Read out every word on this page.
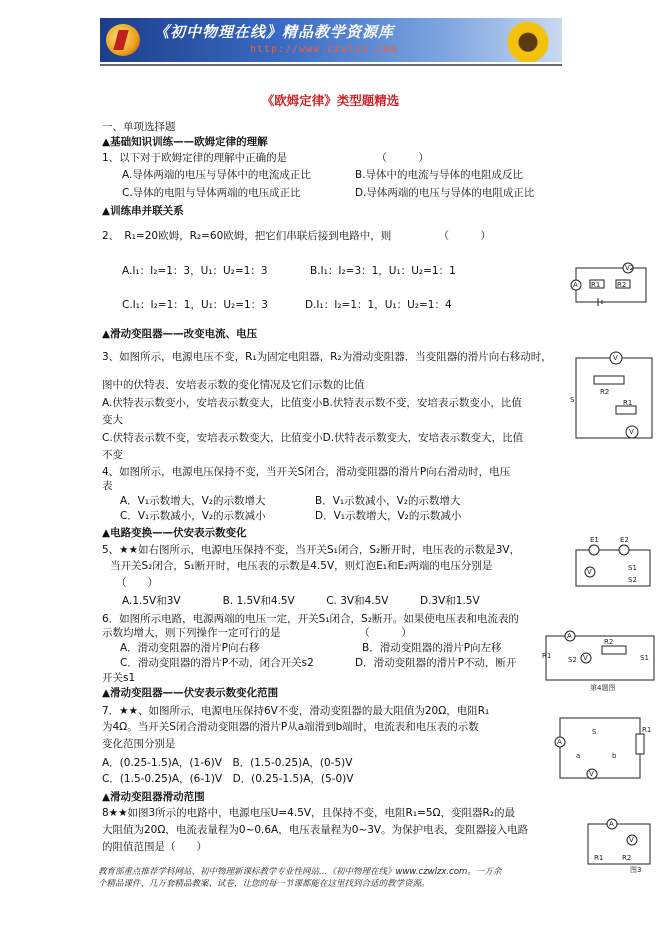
《初中物理在线》精品教学资源库
http://www.czwlzx.com
《欧姆定律》类型题精选
一、单项选择题
▲基础知识训练——欧姆定律的理解
1、以下对于欧姆定律的理解中正确的是　　　　　　　　　（　　　）
A.导体两端的电压与导体中的电流成正比	B.导体中的电流与导体的电阻成反比
C.导体的电阻与导体两端的电压成正比	D.导体两端的电压与导体的电阻成正比
▲训练串并联关系
2、　R₁=20欧姆，R₂=60欧姆，把它们串联后接到电路中，则　　　　　（　　　）
A.I₁：I₂=1：3，U₁：U₂=1：3	B.I₁：I₂=3：1，U₁：U₂=1：1
C.I₁：I₂=1：1，U₁：U₂=1：3	D.I₁：I₂=1：1，U₁：U₂=1：4
▲滑动变阻器——改变电流、电压
3、如图所示，电源电压不变，R₁为固定电阻器，R₂为滑动变阻器．当变阻器的滑片向右移动时，
图中的伏特表、安培表示数的变化情况及它们示数的比值
A.伏特表示数变小，安培表示数变大，比值变小B.伏特表示数不变，安培表示数变小，比值
变大
C.伏特表示数不变，安培表示数变大，比值变小D.伏特表示数变大，安培表示数变大，比值
不变
4、如图所示，电源电压保持不变，当开关S闭合，滑动变阻器的滑片P向右滑动时，电压
表
A．V₁示数增大，V₂的示数增大	B．V₁示数减小，V₂的示数增大
C．V₁示数减小，V₂的示数减小	D．V₁示数增大，V₂的示数减小
▲电路变换——伏安表示数变化
5、★★如右图所示，电源电压保持不变，当开关S₁闭合，S₂断开时，电压表的示数是3V，
当开关S₂闭合，S₁断开时，电压表的示数是4.5V，则灯泡E₁和E₂两端的电压分别是
（　　）
A.1.5V和3V　　　　B. 1.5V和4.5V　　　C. 3V和4.5V　　　D.3V和1.5V
6．如图所示电路，电源两端的电压一定，开关S₁闭合，S₂断开。如果使电压表和电流表的
示数均增大，则下列操作一定可行的是　　　　　　　　（　　　）
A．滑动变阻器的滑片P向右移	B．滑动变阻器的滑片P向左移
C．滑动变阻器的滑片P不动，闭合开关s2	D．滑动变阻器的滑片P不动，断开
开关s1
▲滑动变阻器——伏安表示数变化范围
7．★★、如图所示，电源电压保持6V不变，滑动变阻器的最大阻值为20Ω，电阻R₁
为4Ω。当开关S闭合滑动变阻器的滑片P从a端滑到b端时，电流表和电压表的示数
变化范围分别是
A．(0.25-1.5)A，(1-6)V　B．(1.5-0.25)A，(0-5)V
C．(1.5-0.25)A，(6-1)V　D．(0.25-1.5)A，(5-0)V
▲滑动变阻器滑动范围
8★★如图3所示的电路中，电源电压U=4.5V，且保持不变，电阻R₁=5Ω，变阻器R₂的最
大阻值为20Ω，电流表量程为0~0.6A，电压表量程为0~3V。为保护电表，变阻器接入电路
的阻值范围是（　　）
V2
A R1 R2
V
R2
S	R1
V
E1	E2
V	S1
S2
A
R2
R1	V	S1
S2
第4题图
S
A
R1
a	b
V
A
V
R1	R2
图3
教育部重点推荐学科网站、初中物理新课标教学专业性网站…《初中物理在线》www.czwlzx.com。一万余
个精品课件、几万套精品教案、试卷，让您的每一节课都能在这里找到合适的教学资源。
